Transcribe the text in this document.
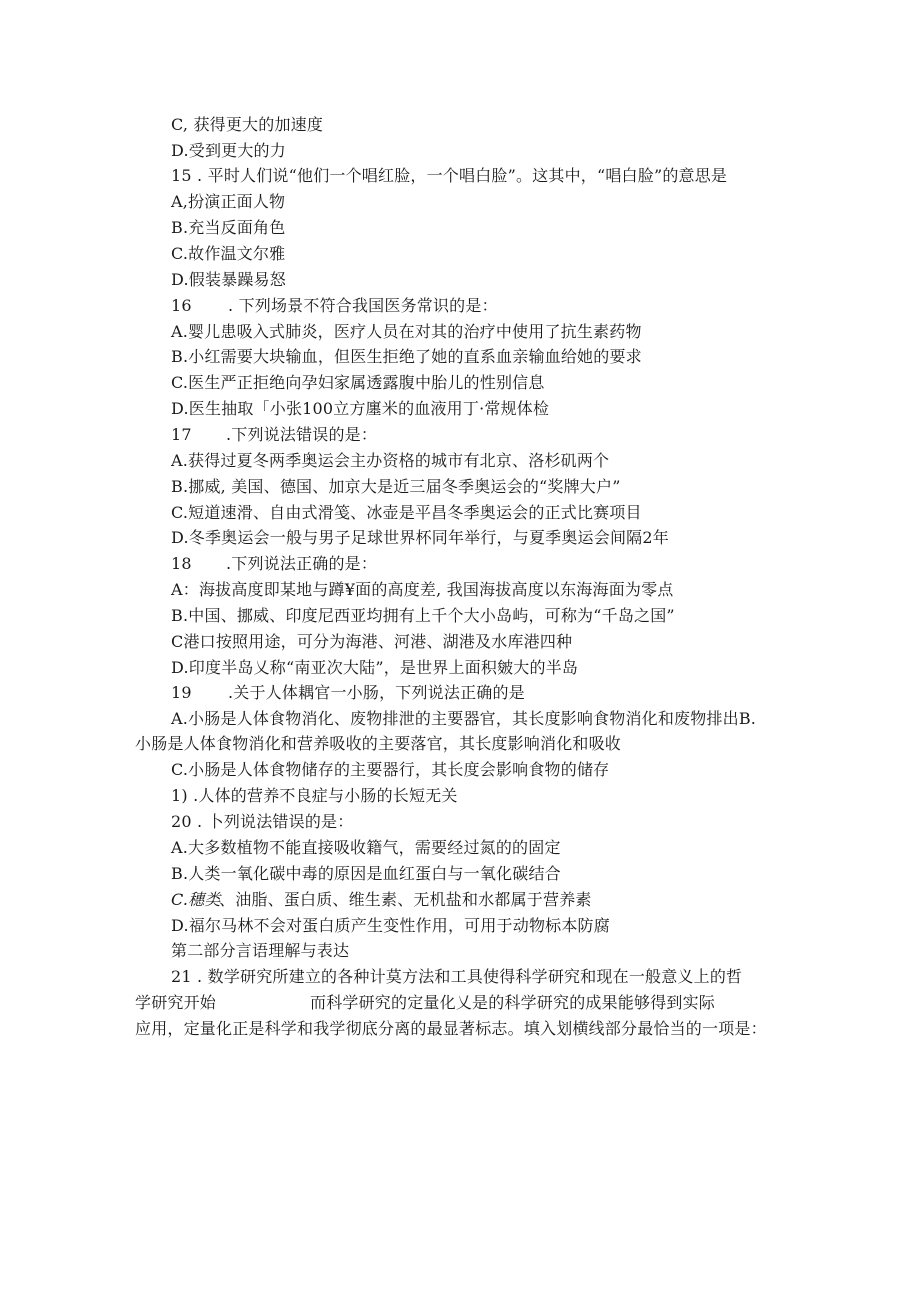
C, 获得更大的加速度
D.受到更大的力
15 . 平时人们说“他们一个唱红脸，一个唱白脸”。这其中，“唱白脸”的意思是
A,扮演正面人物
B.充当反面角色
C.故作温文尔雅
D.假装暴躁易怒
16 . 下列场景不符合我国医务常识的是：
A.婴儿患吸入式肺炎，医疗人员在对其的治疗中使用了抗生素药物
B.小红需要大块输血，但医生拒绝了她的直系血亲输血给她的要求
C.医生严正拒绝向孕妇家属透露腹中胎儿的性别信息
D.医生抽取「小张100立方廛米的血液用丁·常规体检
17 .下列说法错误的是：
A.获得过夏冬两季奥运会主办资格的城市有北京、洛杉矶两个
B.挪威, 美国、德国、加京大是近三届冬季奥运会的“奖牌大户”
C.短道速滑、自由式滑笺、冰壶是平昌冬季奥运会的正式比赛项目
D.冬季奥运会一般与男子足球世界杯同年举行，与夏季奥运会间隔2年
18 .下列说法正确的是：
A：海拔高度即某地与蹲¥面的高度差, 我国海拔高度以东海海面为零点
B.中国、挪威、印度尼西亚均拥有上千个大小岛屿，可称为“千岛之国”
C港口按照用途，可分为海港、河港、湖港及水库港四种
D.印度半岛乂称“南亚次大陆”，是世界上面积皴大的半岛
19 .关于人体耦官一小肠，下列说法正确的是
A.小肠是人体食物消化、废物排泄的主要器官，其长度影响食物消化和废物排出B.
小肠是人体食物消化和营养吸收的主要落官，其长度影响消化和吸收
C.小肠是人体食物储存的主要器行，其长度会影响食物的储存
1) .人体的营养不良症与小肠的长短无关
20 . 卜列说法错误的是：
A.大多数植物不能直接吸收籍气，需要经过氮的的固定
B.人类一氧化碳中毒的原因是血红蛋白与一氧化碳结合
C.穗类
、油脂、蛋白质、维生素、无机盐和水都属于营养素
D.福尔马林不会对蛋白质产生变性作用，可用于动物标本防腐
第二部分言语理解与表达
21 . 数学研究所建立的各种计莫方法和工具使得科学研究和现在一般意义上的哲
学研究开始	而科学研究的定量化乂是的科学研究的成果能够得到实际
应用，定量化正是科学和我学彻底分离的最显著标志。填入划横线部分最恰当的一项是：
